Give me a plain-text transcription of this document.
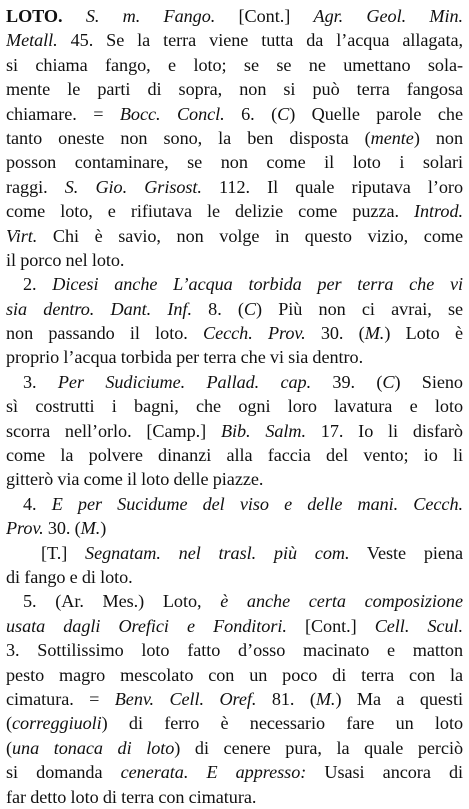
LOTO. S. m. Fango. [Cont.] Agr. Geol. Min.
Metall. 45. Se la terra viene tutta da l’acqua allagata,
si chiama fango, e loto; se se ne umettano sola-
mente le parti di sopra, non si può terra fangosa
chiamare. = Bocc. Concl. 6. (C) Quelle parole che
tanto oneste non sono, la ben disposta (mente) non
posson contaminare, se non come il loto i solari
raggi. S. Gio. Grisost. 112. Il quale riputava l’oro
come loto, e rifiutava le delizie come puzza. Introd.
Virt. Chi è savio, non volge in questo vizio, come
il porco nel loto.
2. Dicesi anche L’acqua torbida per terra che vi
sia dentro. Dant. Inf. 8. (C) Più non ci avrai, se
non passando il loto. Cecch. Prov. 30. (M.) Loto è
proprio l’acqua torbida per terra che vi sia dentro.
3. Per Sudiciume. Pallad. cap. 39. (C) Sieno
sì costrutti i bagni, che ogni loro lavatura e loto
scorra nell’orlo. [Camp.] Bib. Salm. 17. Io li disfarò
come la polvere dinanzi alla faccia del vento; io li
gitterò via come il loto delle piazze.
4. E per Sucidume del viso e delle mani. Cecch.
Prov. 30. (M.)
[T.] Segnatam. nel trasl. più com. Veste piena
di fango e di loto.
5. (Ar. Mes.) Loto, è anche certa composizione
usata dagli Orefici e Fonditori. [Cont.] Cell. Scul.
3. Sottilissimo loto fatto d’osso macinato e matton
pesto magro mescolato con un poco di terra con la
cimatura. = Benv. Cell. Oref. 81. (M.) Ma a questi
(correggiuoli) di ferro è necessario fare un loto
(una tonaca di loto) di cenere pura, la quale perciò
si domanda cenerata. E appresso: Usasi ancora di
far detto loto di terra con cimatura.
